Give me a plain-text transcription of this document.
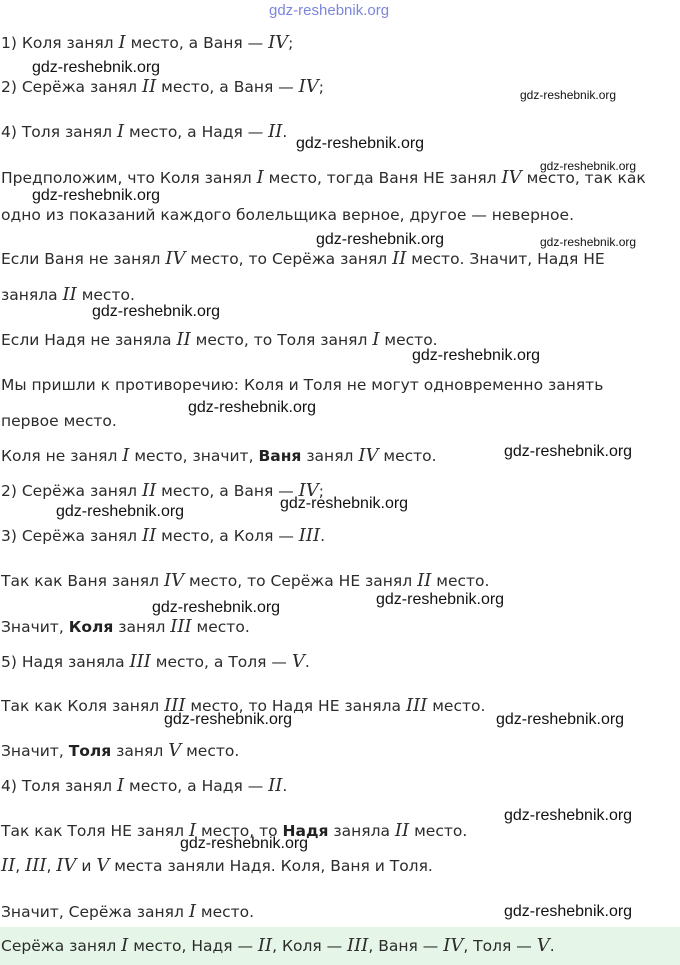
1) Коля занял I место, а Ваня — IV;
2) Серёжа занял II место, а Ваня — IV;
4) Толя занял I место, а Надя — II.
Предположим, что Коля занял I место, тогда Ваня НЕ занял IV место, так как
одно из показаний каждого болельщика верное, другое — неверное.
Если Ваня не занял IV место, то Серёжа занял II место. Значит, Надя НЕ
заняла II место.
Если Надя не заняла II место, то Толя занял I место.
Мы пришли к противоречию: Коля и Толя не могут одновременно занять
первое место.
Коля не занял I место, значит, Ваня занял IV место.
2) Серёжа занял II место, а Ваня — IV;
3) Серёжа занял II место, а Коля — III.
Так как Ваня занял IV место, то Серёжа НЕ занял II место.
Значит, Коля занял III место.
5) Надя заняла III место, а Толя — V.
Так как Коля занял III место, то Надя НЕ заняла III место.
Значит, Толя занял V место.
4) Толя занял I место, а Надя — II.
Так как Толя НЕ занял I место, то Надя заняла II место.
II, III, IV и V места заняли Надя. Коля, Ваня и Толя.
Значит, Серёжа занял I место.
Серёжа занял I место, Надя — II, Коля — III, Ваня — IV, Толя — V.
gdz-reshebnik.org
gdz-reshebnik.org
gdz-reshebnik.org
gdz-reshebnik.org
gdz-reshebnik.org
gdz-reshebnik.org
gdz-reshebnik.org	gdz-reshebnik.org
gdz-reshebnik.org
gdz-reshebnik.org
gdz-reshebnik.org
gdz-reshebnik.org
gdz-reshebnik.org
gdz-reshebnik.org
gdz-reshebnik.org
gdz-reshebnik.org
gdz-reshebnik.org	gdz-reshebnik.org
gdz-reshebnik.org
gdz-reshebnik.org
gdz-reshebnik.org
